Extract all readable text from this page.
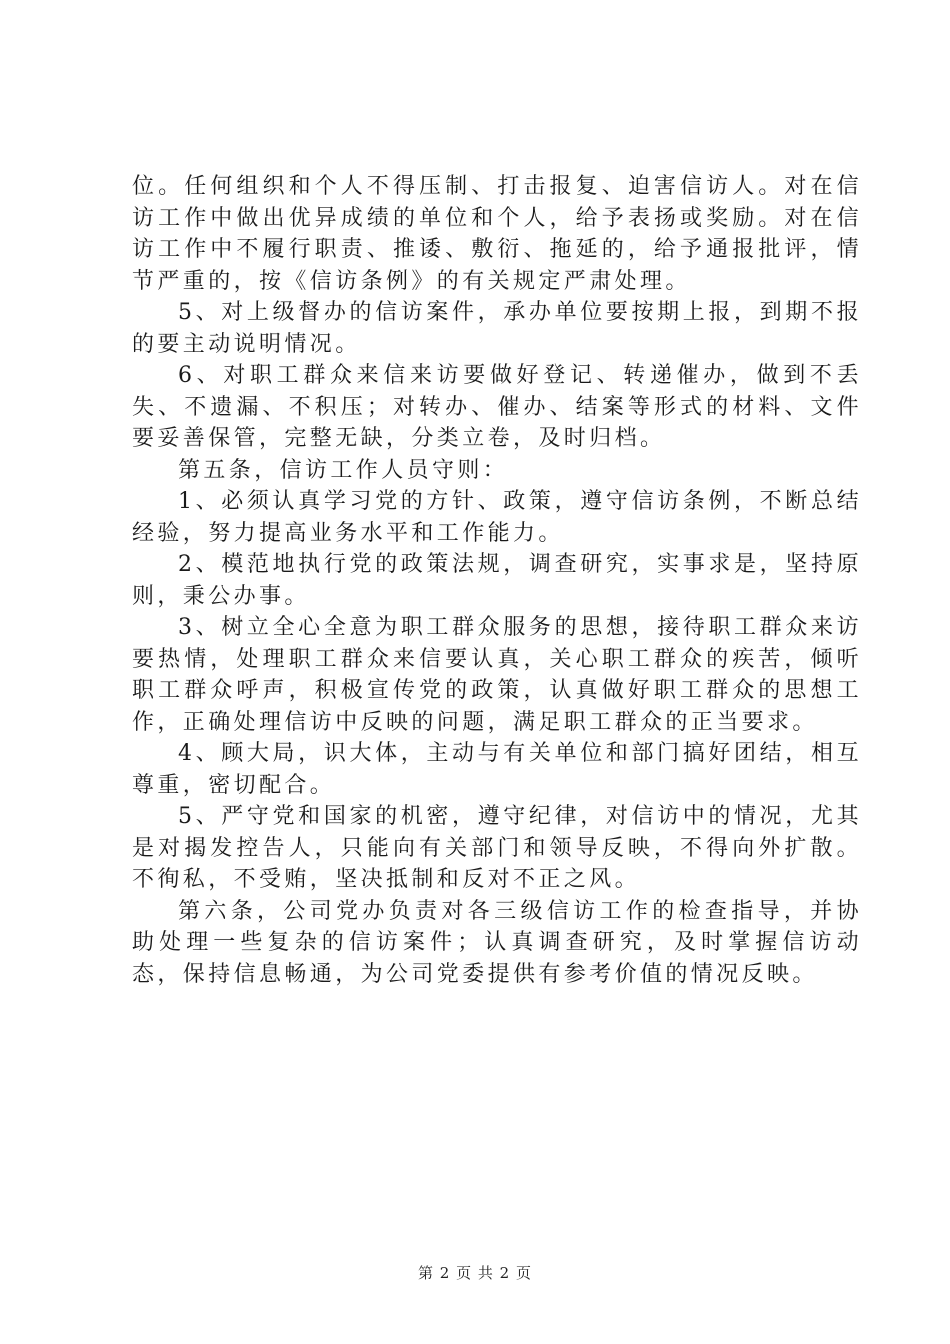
位。任何组织和个人不得压制、打击报复、迫害信访人。对在信访工作中做出优异成绩的单位和个人，给予表扬或奖励。对在信访工作中不履行职责、推诿、敷衍、拖延的，给予通报批评，情节严重的，按《信访条例》的有关规定严肃处理。

5、对上级督办的信访案件，承办单位要按期上报，到期不报的要主动说明情况。

6、对职工群众来信来访要做好登记、转递催办，做到不丢失、不遗漏、不积压；对转办、催办、结案等形式的材料、文件要妥善保管，完整无缺，分类立卷，及时归档。

第五条，信访工作人员守则：

1、必须认真学习党的方针、政策，遵守信访条例，不断总结经验，努力提高业务水平和工作能力。

2、模范地执行党的政策法规，调查研究，实事求是，坚持原则，秉公办事。

3、树立全心全意为职工群众服务的思想，接待职工群众来访要热情，处理职工群众来信要认真，关心职工群众的疾苦，倾听职工群众呼声，积极宣传党的政策，认真做好职工群众的思想工作，正确处理信访中反映的问题，满足职工群众的正当要求。

4、顾大局，识大体，主动与有关单位和部门搞好团结，相互尊重，密切配合。

5、严守党和国家的机密，遵守纪律，对信访中的情况，尤其是对揭发控告人，只能向有关部门和领导反映，不得向外扩散。不徇私，不受贿，坚决抵制和反对不正之风。

第六条，公司党办负责对各三级信访工作的检查指导，并协助处理一些复杂的信访案件；认真调查研究，及时掌握信访动态，保持信息畅通，为公司党委提供有参考价值的情况反映。

第 2 页 共 2 页
